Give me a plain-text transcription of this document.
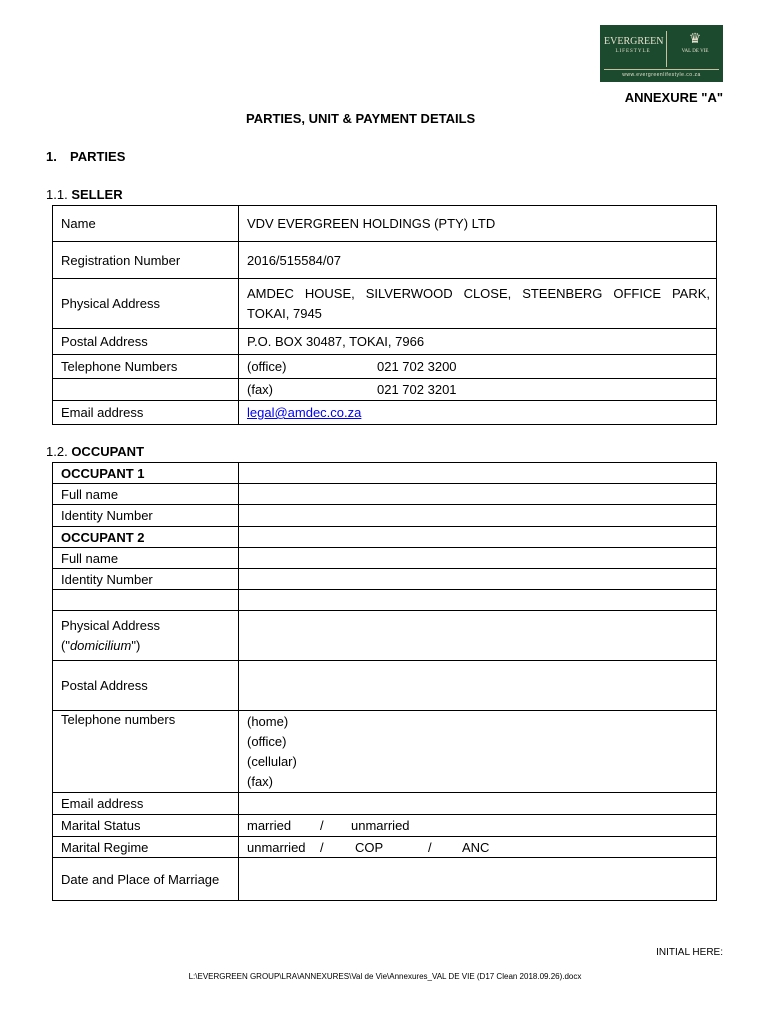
EVERGREEN
LIFESTYLE
♛
VAL DE VIE
www.evergreenlifestyle.co.za
ANNEXURE "A"
PARTIES, UNIT & PAYMENT DETAILS
1. PARTIES
1.1. SELLER
Name	VDV EVERGREEN HOLDINGS (PTY) LTD
Registration Number	2016/515584/07
Physical Address	AMDEC HOUSE, SILVERWOOD CLOSE, STEENBERG OFFICE PARK,
TOKAI, 7945

Postal Address	P.O. BOX 30487, TOKAI, 7966
Telephone Numbers	(office) 021 702 3200
	(fax) 021 702 3201
Email address	legal@amdec.co.za
1.2. OCCUPANT
OCCUPANT 1	
Full name	
Identity Number	
OCCUPANT 2	
Full name	
Identity Number	

Physical Address
("domicilium")	

Postal Address	
Telephone numbers	(home)
(office)
(cellular)
(fax)

Email address	
Marital Status	married / unmarried
Marital Regime	unmarried / COP / ANC
Date and Place of Marriage	
INITIAL HERE:
L:\EVERGREEN GROUP\LRA\ANNEXURES\Val de Vie\Annexures_VAL DE VIE (D17 Clean 2018.09.26).docx
